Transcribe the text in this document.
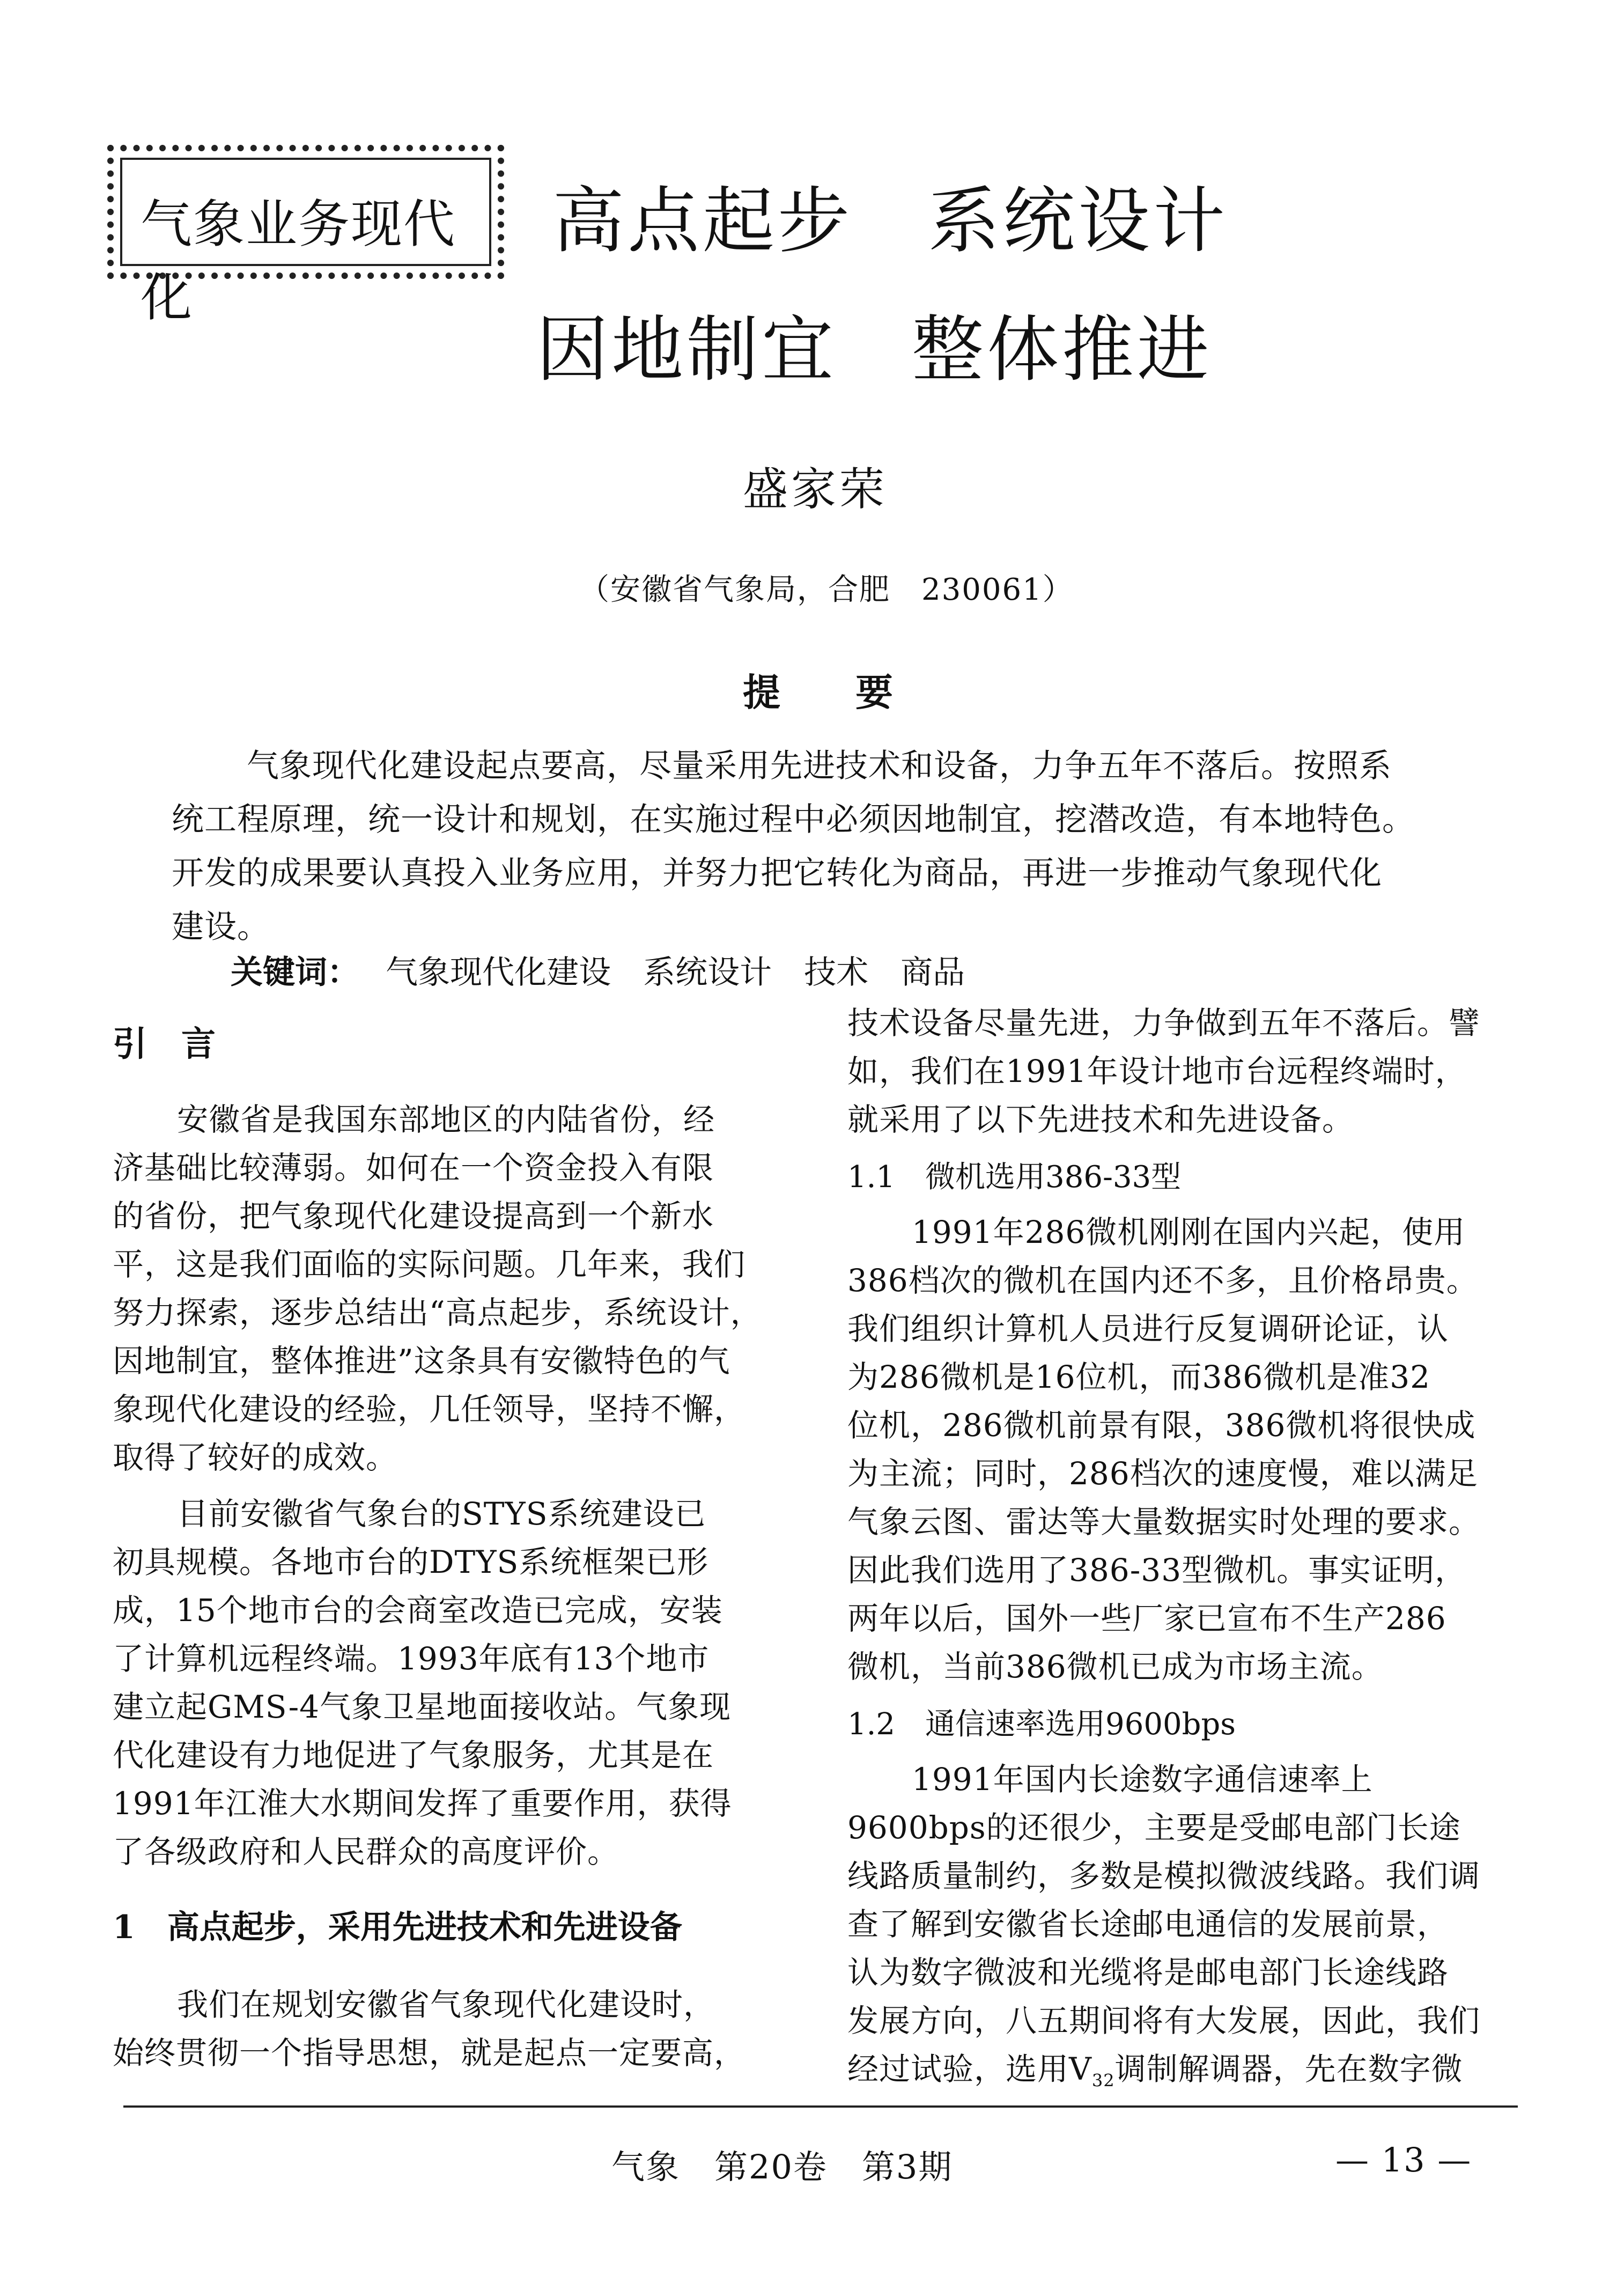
气象业务现代化
高点起步　系统设计
因地制宜　整体推进
盛家荣
（安徽省气象局，合肥　230061）
提　　要
气象现代化建设起点要高，尽量采用先进技术和设备，力争五年不落后。按照系
统工程原理，统一设计和规划，在实施过程中必须因地制宜，挖潜改造，有本地特色。
开发的成果要认真投入业务应用，并努力把它转化为商品，再进一步推动气象现代化
建设。
关键词： 气象现代化建设　系统设计　技术　商品
引　言
安徽省是我国东部地区的内陆省份，经
济基础比较薄弱。如何在一个资金投入有限
的省份，把气象现代化建设提高到一个新水
平，这是我们面临的实际问题。几年来，我们
努力探索，逐步总结出“高点起步，系统设计，
因地制宜，整体推进”这条具有安徽特色的气
象现代化建设的经验，几任领导，坚持不懈，
取得了较好的成效。
目前安徽省气象台的STYS系统建设已
初具规模。各地市台的DTYS系统框架已形
成，15个地市台的会商室改造已完成，安装
了计算机远程终端。1993年底有13个地市
建立起GMS-4气象卫星地面接收站。气象现
代化建设有力地促进了气象服务，尤其是在
1991年江淮大水期间发挥了重要作用，获得
了各级政府和人民群众的高度评价。
1　高点起步，采用先进技术和先进设备
我们在规划安徽省气象现代化建设时，
始终贯彻一个指导思想，就是起点一定要高，
技术设备尽量先进，力争做到五年不落后。譬
如，我们在1991年设计地市台远程终端时，
就采用了以下先进技术和先进设备。
1.1　微机选用386-33型
1991年286微机刚刚在国内兴起，使用
386档次的微机在国内还不多，且价格昂贵。
我们组织计算机人员进行反复调研论证，认
为286微机是16位机，而386微机是准32
位机，286微机前景有限，386微机将很快成
为主流；同时，286档次的速度慢，难以满足
气象云图、雷达等大量数据实时处理的要求。
因此我们选用了386-33型微机。事实证明，
两年以后，国外一些厂家已宣布不生产286
微机，当前386微机已成为市场主流。
1.2　通信速率选用9600bps
1991年国内长途数字通信速率上
9600bps的还很少，主要是受邮电部门长途
线路质量制约，多数是模拟微波线路。我们调
查了解到安徽省长途邮电通信的发展前景，
认为数字微波和光缆将是邮电部门长途线路
发展方向，八五期间将有大发展，因此，我们
经过试验，选用$V_{32}$调制解调器，先在数字微
气象　第20卷　第3期	— 13 —
